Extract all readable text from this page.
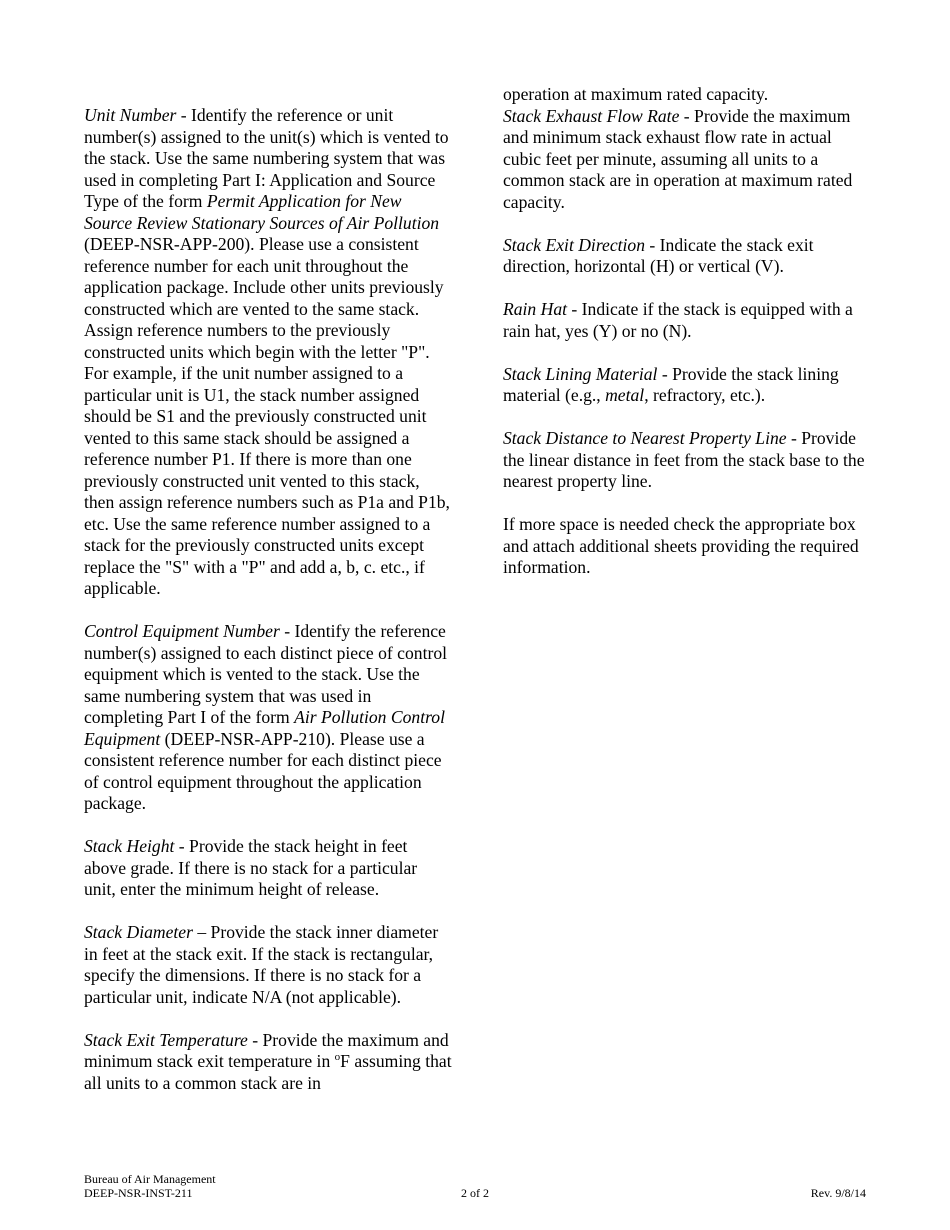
Unit Number - Identify the reference or unit number(s) assigned to the unit(s) which is vented to the stack. Use the same numbering system that was used in completing Part I: Application and Source Type of the form Permit Application for New Source Review Stationary Sources of Air Pollution (DEEP-NSR-APP-200). Please use a consistent reference number for each unit throughout the application package. Include other units previously constructed which are vented to the same stack. Assign reference numbers to the previously constructed units which begin with the letter "P". For example, if the unit number assigned to a particular unit is U1, the stack number assigned should be S1 and the previously constructed unit vented to this same stack should be assigned a reference number P1. If there is more than one previously constructed unit vented to this stack, then assign reference numbers such as P1a and P1b, etc. Use the same reference number assigned to a stack for the previously constructed units except replace the "S" with a "P" and add a, b, c. etc., if applicable.

Control Equipment Number - Identify the reference number(s) assigned to each distinct piece of control equipment which is vented to the stack. Use the same numbering system that was used in completing Part I of the form Air Pollution Control Equipment (DEEP-NSR-APP-210). Please use a consistent reference number for each distinct piece of control equipment throughout the application package.

Stack Height - Provide the stack height in feet above grade. If there is no stack for a particular unit, enter the minimum height of release.

Stack Diameter – Provide the stack inner diameter in feet at the stack exit. If the stack is rectangular, specify the dimensions. If there is no stack for a particular unit, indicate N/A (not applicable).

Stack Exit Temperature - Provide the maximum and minimum stack exit temperature in $^o$F assuming that all units to a common stack are in

operation at maximum rated capacity.

Stack Exhaust Flow Rate - Provide the maximum and minimum stack exhaust flow rate in actual cubic feet per minute, assuming all units to a common stack are in operation at maximum rated capacity.

Stack Exit Direction - Indicate the stack exit direction, horizontal (H) or vertical (V).

Rain Hat - Indicate if the stack is equipped with a rain hat, yes (Y) or no (N).

Stack Lining Material - Provide the stack lining material (e.g., metal, refractory, etc.).

Stack Distance to Nearest Property Line - Provide the linear distance in feet from the stack base to the nearest property line.

If more space is needed check the appropriate box and attach additional sheets providing the required information.

Bureau of Air Management
DEEP-NSR-INST-211	2 of 2	Rev. 9/8/14
